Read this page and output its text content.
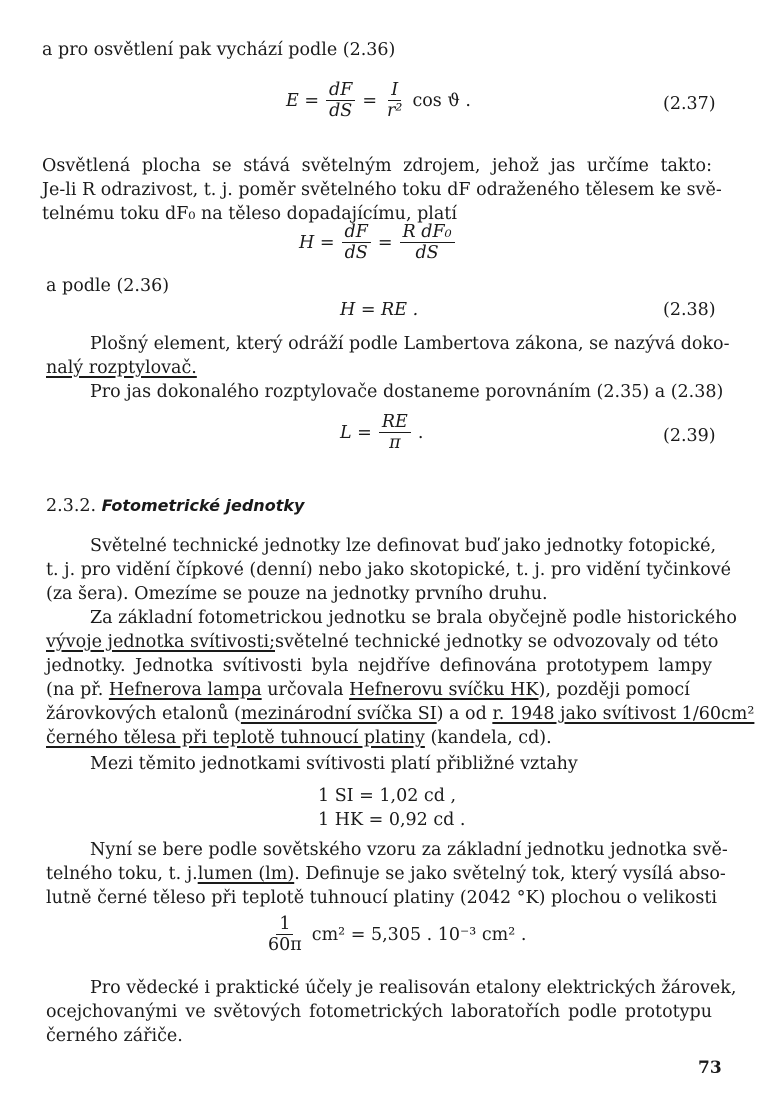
a pro osvětlení pak vychází podle (2.36)
$E = \frac{dF}{dS} = \frac{I}{\text{r²}}$ cos ϑ .	(2.37)
Osvětlená plocha se stává světelným zdrojem, jehož jas určíme takto:
Je-li R odrazivost, t. j. poměr světelného toku dF odraženého tělesem ke svě-
telnému toku dF₀ na těleso dopadajícímu, platí
$H = \frac{dF}{dS} = \frac{\text{R dF₀}}{dS}$
a podle (2.36)
H = RE .	(2.38)
Plošný element, který odráží podle Lambertova zákona, se nazývá doko-
nalý rozptylovač.
Pro jas dokonalého rozptylovače dostaneme porovnáním (2.35) a (2.38)
$L = \frac{RE}{\pi}$ .	(2.39)
2.3.2. Fotometrické jednotky
Světelné technické jednotky lze definovat buď jako jednotky fotopické,
t. j. pro vidění čípkové (denní) nebo jako skotopické, t. j. pro vidění tyčinkové
(za šera). Omezíme se pouze na jednotky prvního druhu.
Za základní fotometrickou jednotku se brala obyčejně podle historického
vývoje jednotka svítivosti; světelné technické jednotky se odvozovaly od této
jednotky. Jednotka svítivosti byla nejdříve definována prototypem lampy
(na př. Hefnerova lampa určovala Hefnerovu svíčku HK), později pomocí
žárovkových etalonů (mezinárodní svíčka SI) a od r. 1948 jako svítivost 1/60cm²
černého tělesa při teplotě tuhnoucí platiny (kandela, cd).
Mezi těmito jednotkami svítivosti platí přibližné vztahy
1 SI = 1,02 cd ,
1 HK = 0,92 cd .
Nyní se bere podle sovětského vzoru za základní jednotku jednotka svě-
telného toku, t. j. lumen (lm) . Definuje se jako světelný tok, který vysílá abso-
lutně černé těleso při teplotě tuhnoucí platiny (2042 °K) plochou o velikosti
$\frac{1}{60\pi} cm^2 = 5,305$ . 10⁻³ cm² .
Pro vědecké i praktické účely je realisován etalony elektrických žárovek,
ocejchovanými ve světových fotometrických laboratořích podle prototypu
černého zářiče.
73
